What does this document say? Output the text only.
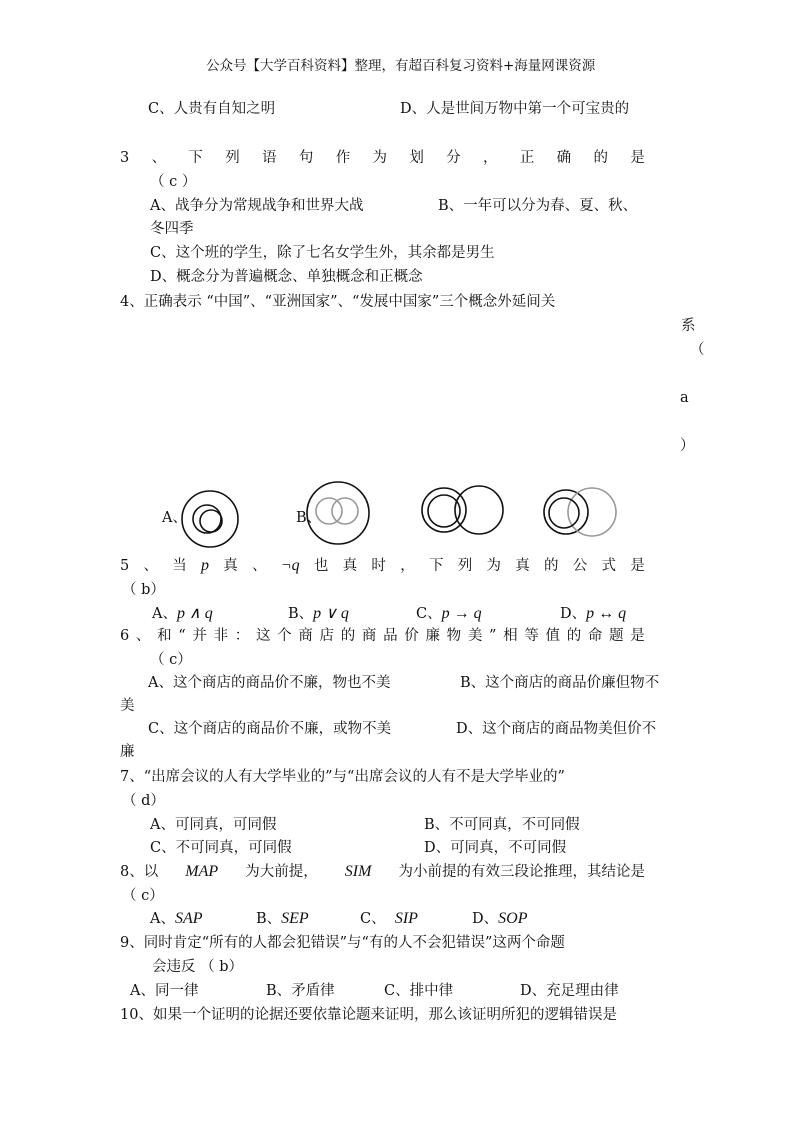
公众号【大学百科资料】整理，有超百科复习资料+海量网课资源
C、人贵有自知之明	D、人是世间万物中第一个可宝贵的
3 、 下 列 语 句 作 为 划 分 ， 正 确 的 是
（ c ）
A、战争分为常规战争和世界大战	B、一年可以分为春、夏、秋、
冬四季
C、这个班的学生，除了七名女学生外，其余都是男生
D、概念分为普遍概念、单独概念和正概念
4、正确表示 “中国”、“亚洲国家”、“发展中国家”三个概念外延间关
系
（
a
）
A、	B、
5 、 当 p 真 、 ¬q 也 真 时 ， 下 列 为 真 的 公 式 是
（ b）
A、p ∧ q	B、p ∨ q	C、p → q	D、p ↔ q
6 、 和 “ 并 非 ： 这 个 商 店 的 商 品 价 廉 物 美 ” 相 等 值 的 命 题 是
（ c）
A、这个商店的商品价不廉，物也不美	B、这个商店的商品价廉但物不
美
C、这个商店的商品价不廉，或物不美	D、这个商店的商品物美但价不
廉
7、“出席会议的人有大学毕业的”与“出席会议的人有不是大学毕业的”
（ d）
A、可同真，可同假	B、不可同真，不可同假
C、不可同真，可同假	D、可同真，不可同假
8、以 MAP 为大前提， SIM 为小前提的有效三段论推理，其结论是
（ c）
A、SAP	B、SEP	C、 SIP	D、SOP
9、同时肯定“所有的人都会犯错误”与“有的人不会犯错误”这两个命题
会违反 （ b）
A、同一律	B、矛盾律	C、排中律	D、充足理由律
10、如果一个证明的论据还要依靠论题来证明，那么该证明所犯的逻辑错误是
